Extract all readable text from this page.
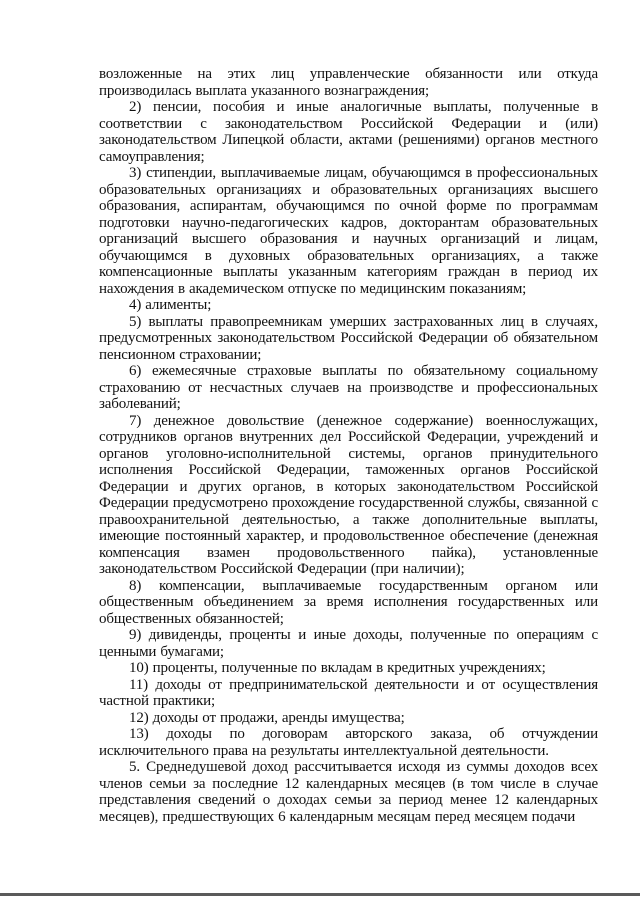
возложенные на этих лиц управленческие обязанности или откуда производилась выплата указанного вознаграждения;

2) пенсии, пособия и иные аналогичные выплаты, полученные в соответствии с законодательством Российской Федерации и (или) законодательством Липецкой области, актами (решениями) органов местного самоуправления;

3) стипендии, выплачиваемые лицам, обучающимся в профессиональных образовательных организациях и образовательных организациях высшего образования, аспирантам, обучающимся по очной форме по программам подготовки научно-педагогических кадров, докторантам образовательных организаций высшего образования и научных организаций и лицам, обучающимся в духовных образовательных организациях, а также компенсационные выплаты указанным категориям граждан в период их нахождения в академическом отпуске по медицинским показаниям;

4) алименты;

5) выплаты правопреемникам умерших застрахованных лиц в случаях, предусмотренных законодательством Российской Федерации об обязательном пенсионном страховании;

6) ежемесячные страховые выплаты по обязательному социальному страхованию от несчастных случаев на производстве и профессиональных заболеваний;

7) денежное довольствие (денежное содержание) военнослужащих, сотрудников органов внутренних дел Российской Федерации, учреждений и органов уголовно-исполнительной системы, органов принудительного исполнения Российской Федерации, таможенных органов Российской Федерации и других органов, в которых законодательством Российской Федерации предусмотрено прохождение государственной службы, связанной с правоохранительной деятельностью, а также дополнительные выплаты, имеющие постоянный характер, и продовольственное обеспечение (денежная компенсация взамен продовольственного пайка), установленные законодательством Российской Федерации (при наличии);

8) компенсации, выплачиваемые государственным органом или общественным объединением за время исполнения государственных или общественных обязанностей;

9) дивиденды, проценты и иные доходы, полученные по операциям с ценными бумагами;

10) проценты, полученные по вкладам в кредитных учреждениях;

11) доходы от предпринимательской деятельности и от осуществления частной практики;

12) доходы от продажи, аренды имущества;

13) доходы по договорам авторского заказа, об отчуждении исключительного права на результаты интеллектуальной деятельности.

5. Среднедушевой доход рассчитывается исходя из суммы доходов всех членов семьи за последние 12 календарных месяцев (в том числе в случае представления сведений о доходах семьи за период менее 12 календарных месяцев), предшествующих 6 календарным месяцам перед месяцем подачи
